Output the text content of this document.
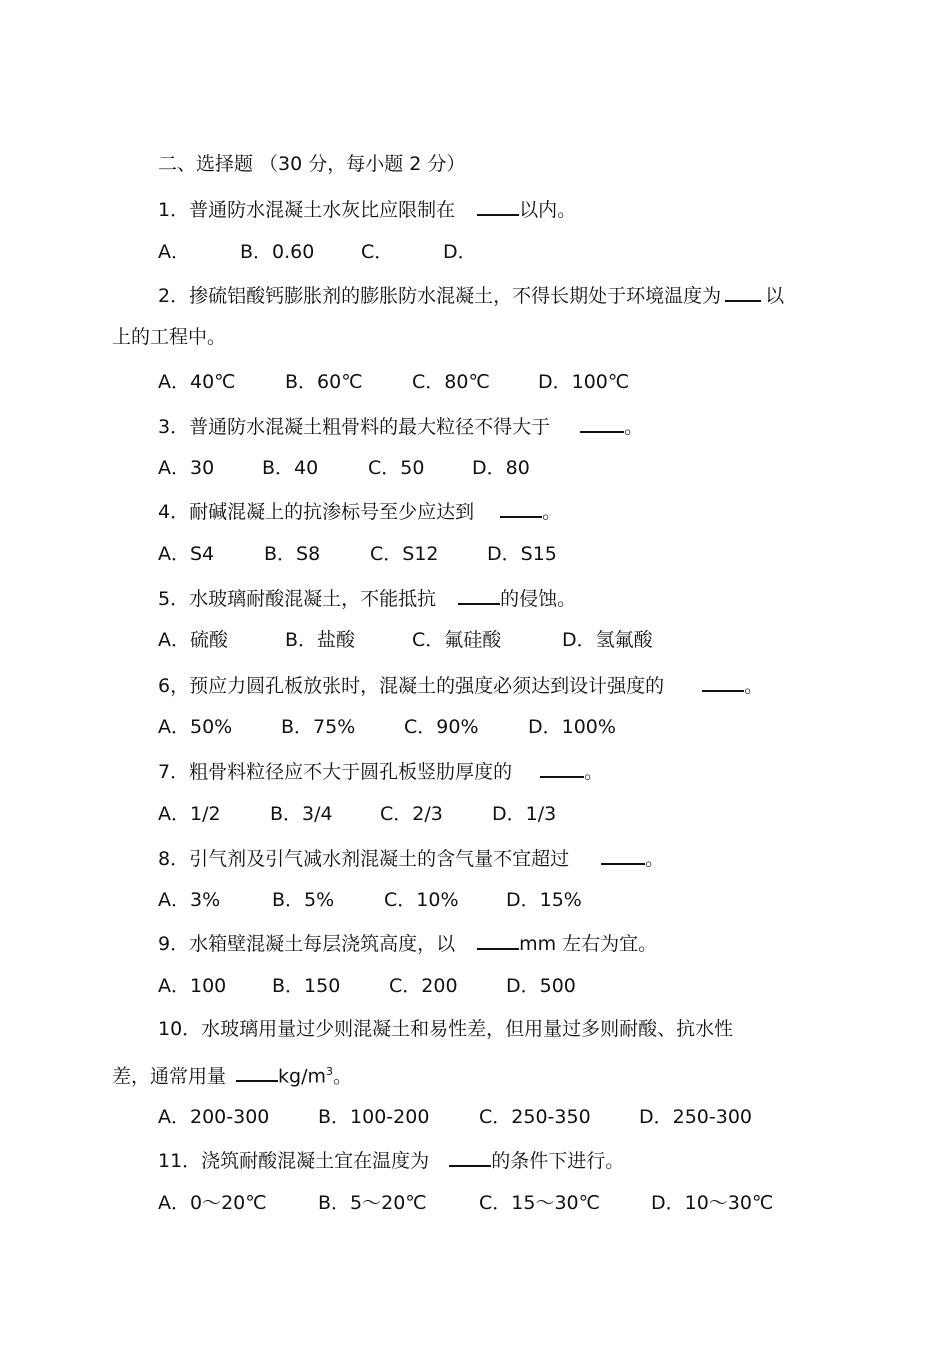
二、选择题 （30 分，每小题 2 分）
1．普通防水混凝土水灰比应限制在	以内。
A．	B．0.60 C．	D．
2．掺硫铝酸钙膨胀剂的膨胀防水混凝土，不得长期处于环境温度为 以
上的工程中。
A．40℃	B．60℃	C．80℃	D．100℃
3．普通防水混凝土粗骨料的最大粒径不得大于	。
A．30	B．40	C．50	D．80
4．耐碱混凝上的抗渗标号至少应达到	。
A．S4	B．S8	C．S12	D．S15
5．水玻璃耐酸混凝土，不能抵抗	的侵蚀。
A．硫酸	B．盐酸	C．氟硅酸	D．氢氟酸
6，预应力圆孔板放张时，混凝土的强度必须达到设计强度的	。
A．50%	B．75%	C．90%	D．100%
7．粗骨料粒径应不大于圆孔板竖肋厚度的	。
A．1/2	B．3/4 C．2/3	D．1/3
8．引气剂及引气减水剂混凝土的含气量不宜超过	。
A．3%	B．5%	C．10%	D．15%
9．水箱壁混凝土每层浇筑高度，以	mm 左右为宜。
A．100 B．150	C．200	D．500
10．水玻璃用量过少则混凝土和易性差，但用量过多则耐酸、抗水性
差，通常用量	$kg/m^3$。
A．200-300	B．100-200	C．250-350	D．250-300
11．浇筑耐酸混凝土宜在温度为	的条件下进行。
A．0～20℃	B．5～20℃	C．15～30℃	D．10～30℃
